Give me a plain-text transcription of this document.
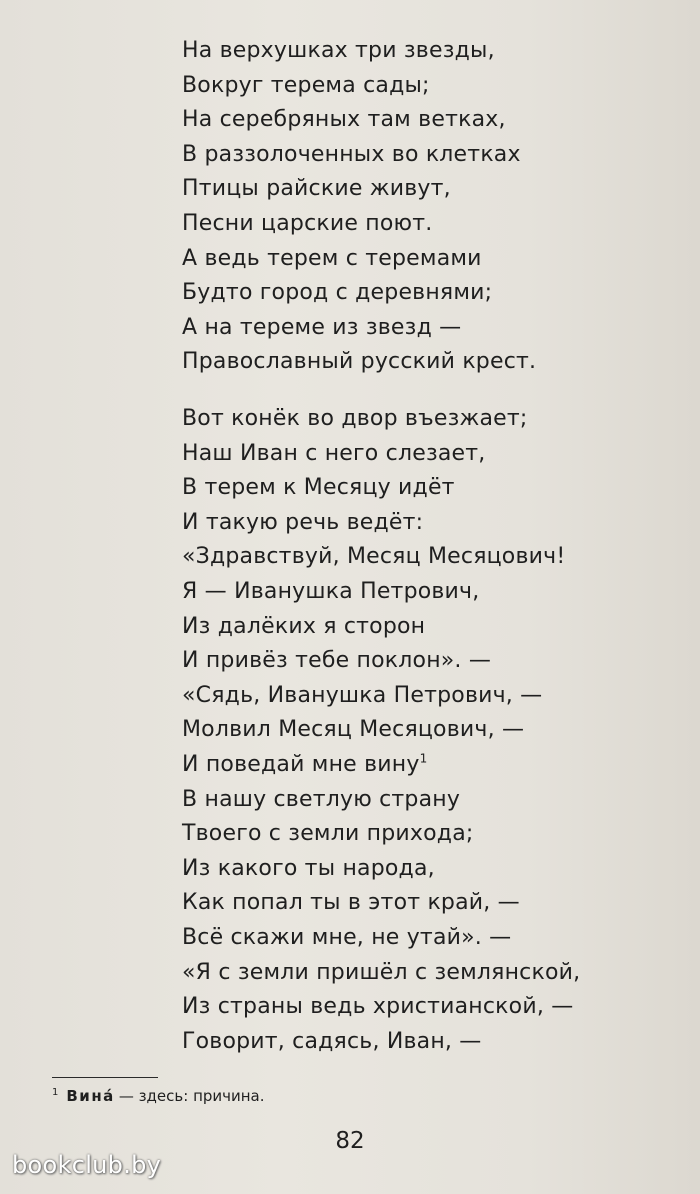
На верхушках три звезды,
Вокруг терема сады;
На серебряных там ветках,
В раззолоченных во клетках
Птицы райские живут,
Песни царские поют.
А ведь терем с теремами
Будто город с деревнями;
А на тереме из звезд —
Православный русский крест.
Вот конёк во двор въезжает;
Наш Иван с него слезает,
В терем к Месяцу идёт
И такую речь ведёт:
«Здравствуй, Месяц Месяцович!
Я — Иванушка Петрович,
Из далёких я сторон
И привёз тебе поклон». —
«Сядь, Иванушка Петрович, —
Молвил Месяц Месяцович, —
И поведай мне вину$^1$
В нашу светлую страну
Твоего с земли прихода;
Из какого ты народа,
Как попал ты в этот край, —
Всё скажи мне, не утай». —
«Я с земли пришёл с землянской,
Из страны ведь христианской, —
Говорит, садясь, Иван, —
$^1$ Вина́ — здесь: причина.
82
bookclub.by
